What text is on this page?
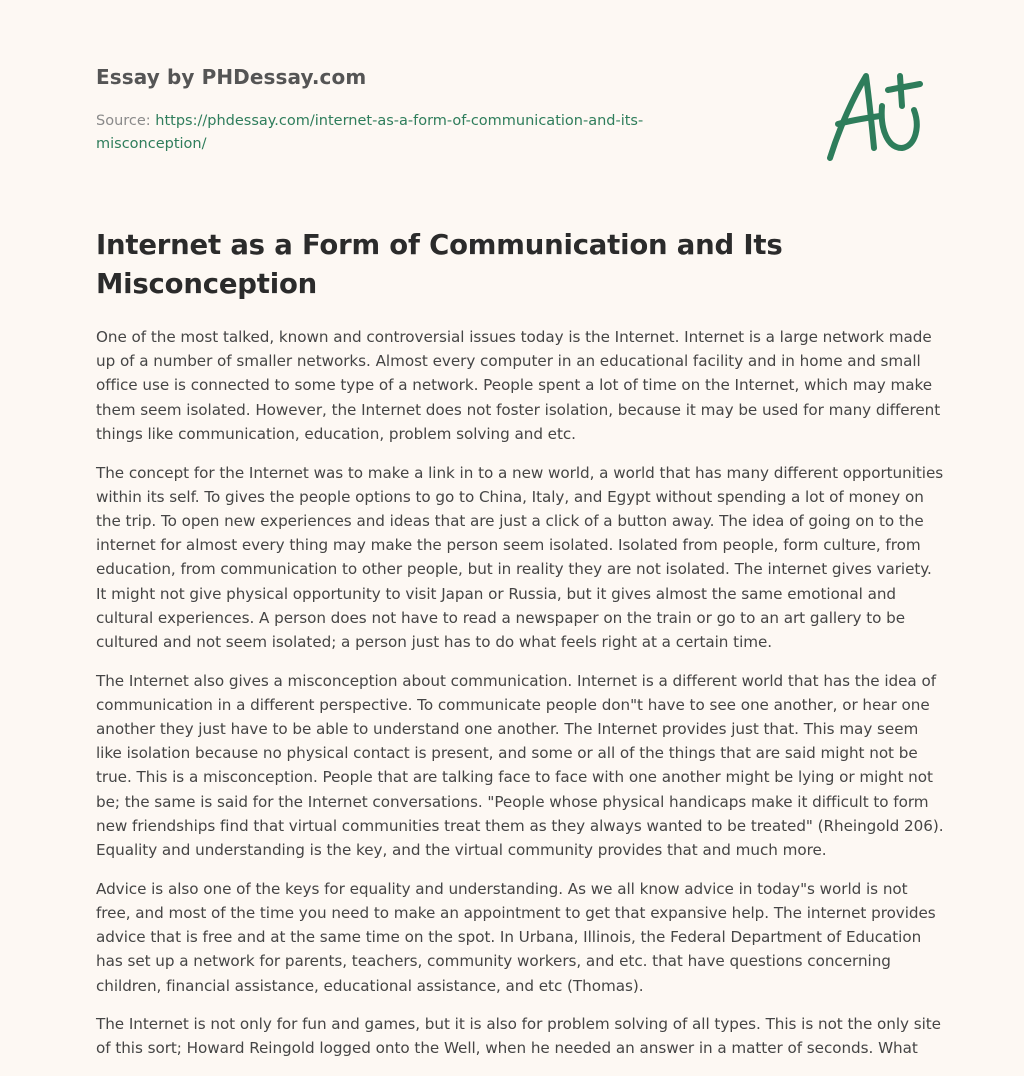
Essay by PHDessay.com
Source: https://phdessay.com/internet-as-a-form-of-communication-and-its-misconception/
Internet as a Form of Communication and Its Misconception

One of the most talked, known and controversial issues today is the Internet. Internet is a large network made up of a number of smaller networks. Almost every computer in an educational facility and in home and small office use is connected to some type of a network. People spent a lot of time on the Internet, which may make them seem isolated. However, the Internet does not foster isolation, because it may be used for many different things like communication, education, problem solving and etc.

The concept for the Internet was to make a link in to a new world, a world that has many different opportunities within its self. To gives the people options to go to China, Italy, and Egypt without spending a lot of money on the trip. To open new experiences and ideas that are just a click of a button away. The idea of going on to the internet for almost every thing may make the person seem isolated. Isolated from people, form culture, from education, from communication to other people, but in reality they are not isolated. The internet gives variety. It might not give physical opportunity to visit Japan or Russia, but it gives almost the same emotional and cultural experiences. A person does not have to read a newspaper on the train or go to an art gallery to be cultured and not seem isolated; a person just has to do what feels right at a certain time.

The Internet also gives a misconception about communication. Internet is a different world that has the idea of communication in a different perspective. To communicate people don"t have to see one another, or hear one another they just have to be able to understand one another. The Internet provides just that. This may seem like isolation because no physical contact is present, and some or all of the things that are said might not be true. This is a misconception. People that are talking face to face with one another might be lying or might not be; the same is said for the Internet conversations. "People whose physical handicaps make it difficult to form new friendships find that virtual communities treat them as they always wanted to be treated" (Rheingold 206). Equality and understanding is the key, and the virtual community provides that and much more.

Advice is also one of the keys for equality and understanding. As we all know advice in today"s world is not free, and most of the time you need to make an appointment to get that expansive help. The internet provides advice that is free and at the same time on the spot. In Urbana, Illinois, the Federal Department of Education has set up a network for parents, teachers, community workers, and etc. that have questions concerning children, financial assistance, educational assistance, and etc (Thomas).

The Internet is not only for fun and games, but it is also for problem solving of all types. This is not the only site of this sort; Howard Reingold logged onto the Well, when he needed an answer in a matter of seconds. What
